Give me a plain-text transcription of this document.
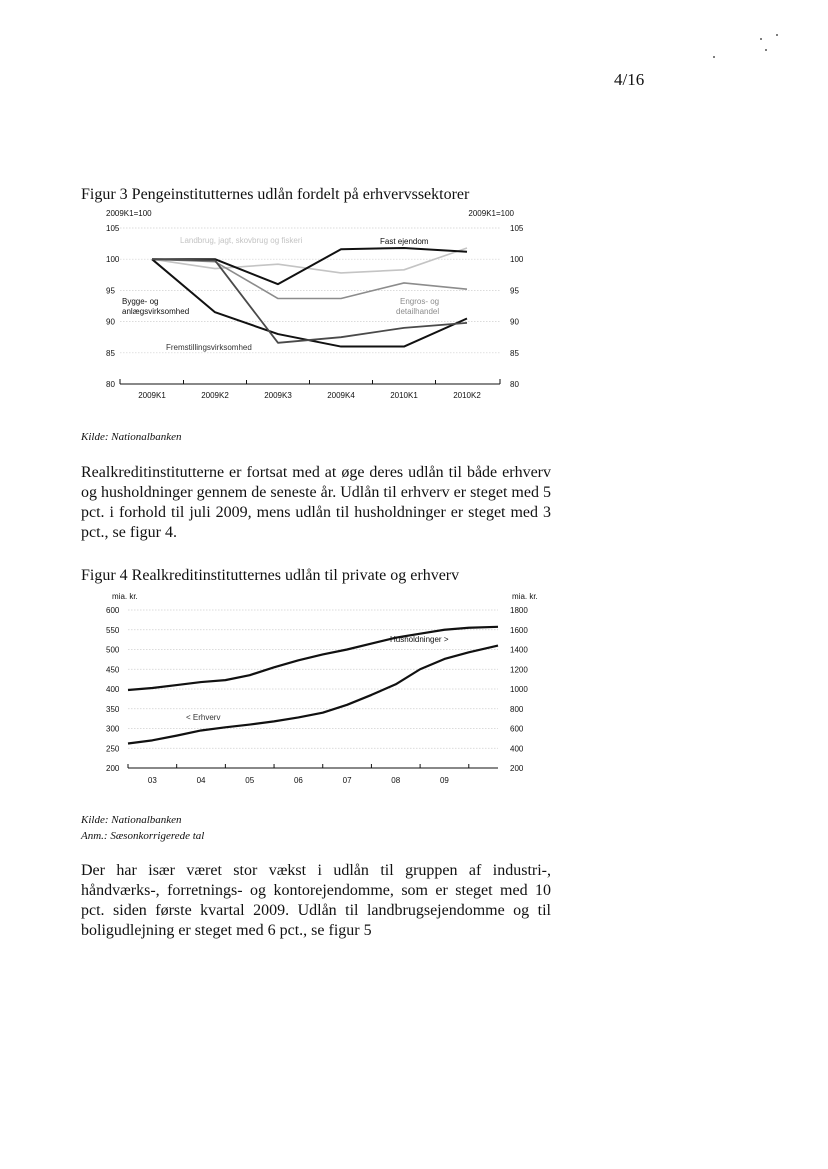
4/16
Figur 3 Pengeinstitutternes udlån fordelt på erhvervssektorer
2009K1=100	2009K1=100
80	80
85	85
90	90
95	95
100	100
105	105
2009K1	2009K2	2009K3	2009K4	2010K1	2010K2
Landbrug, jagt, skovbrug og fiskeri	Fast ejendom
Engros- og
detailhandel
Bygge- og
anlægsvirksomhed
Fremstillingsvirksomhed
Kilde: Nationalbanken

Realkreditinstitutterne er fortsat med at øge deres udlån til både erhverv og husholdninger gennem de seneste år. Udlån til erhverv er steget med 5 pct. i forhold til juli 2009, mens udlån til husholdninger er steget med 3 pct., se figur 4.

Figur 4 Realkreditinstitutternes udlån til private og erhverv
mia. kr.	mia. kr.
200
250
300
350
400
450
500
550
600
200
400
600
800
1000
1200
1400
1600
1800
03	04	05	06	07	08	09
Husholdninger >
< Erhverv
Kilde: Nationalbanken
Anm.: Sæsonkorrigerede tal

Der har især været stor vækst i udlån til gruppen af industri-, håndværks-, forretnings- og kontorejendomme, som er steget med 10 pct. siden første kvartal 2009. Udlån til landbrugsejendomme og til boligudlejning er steget med 6 pct., se figur 5
